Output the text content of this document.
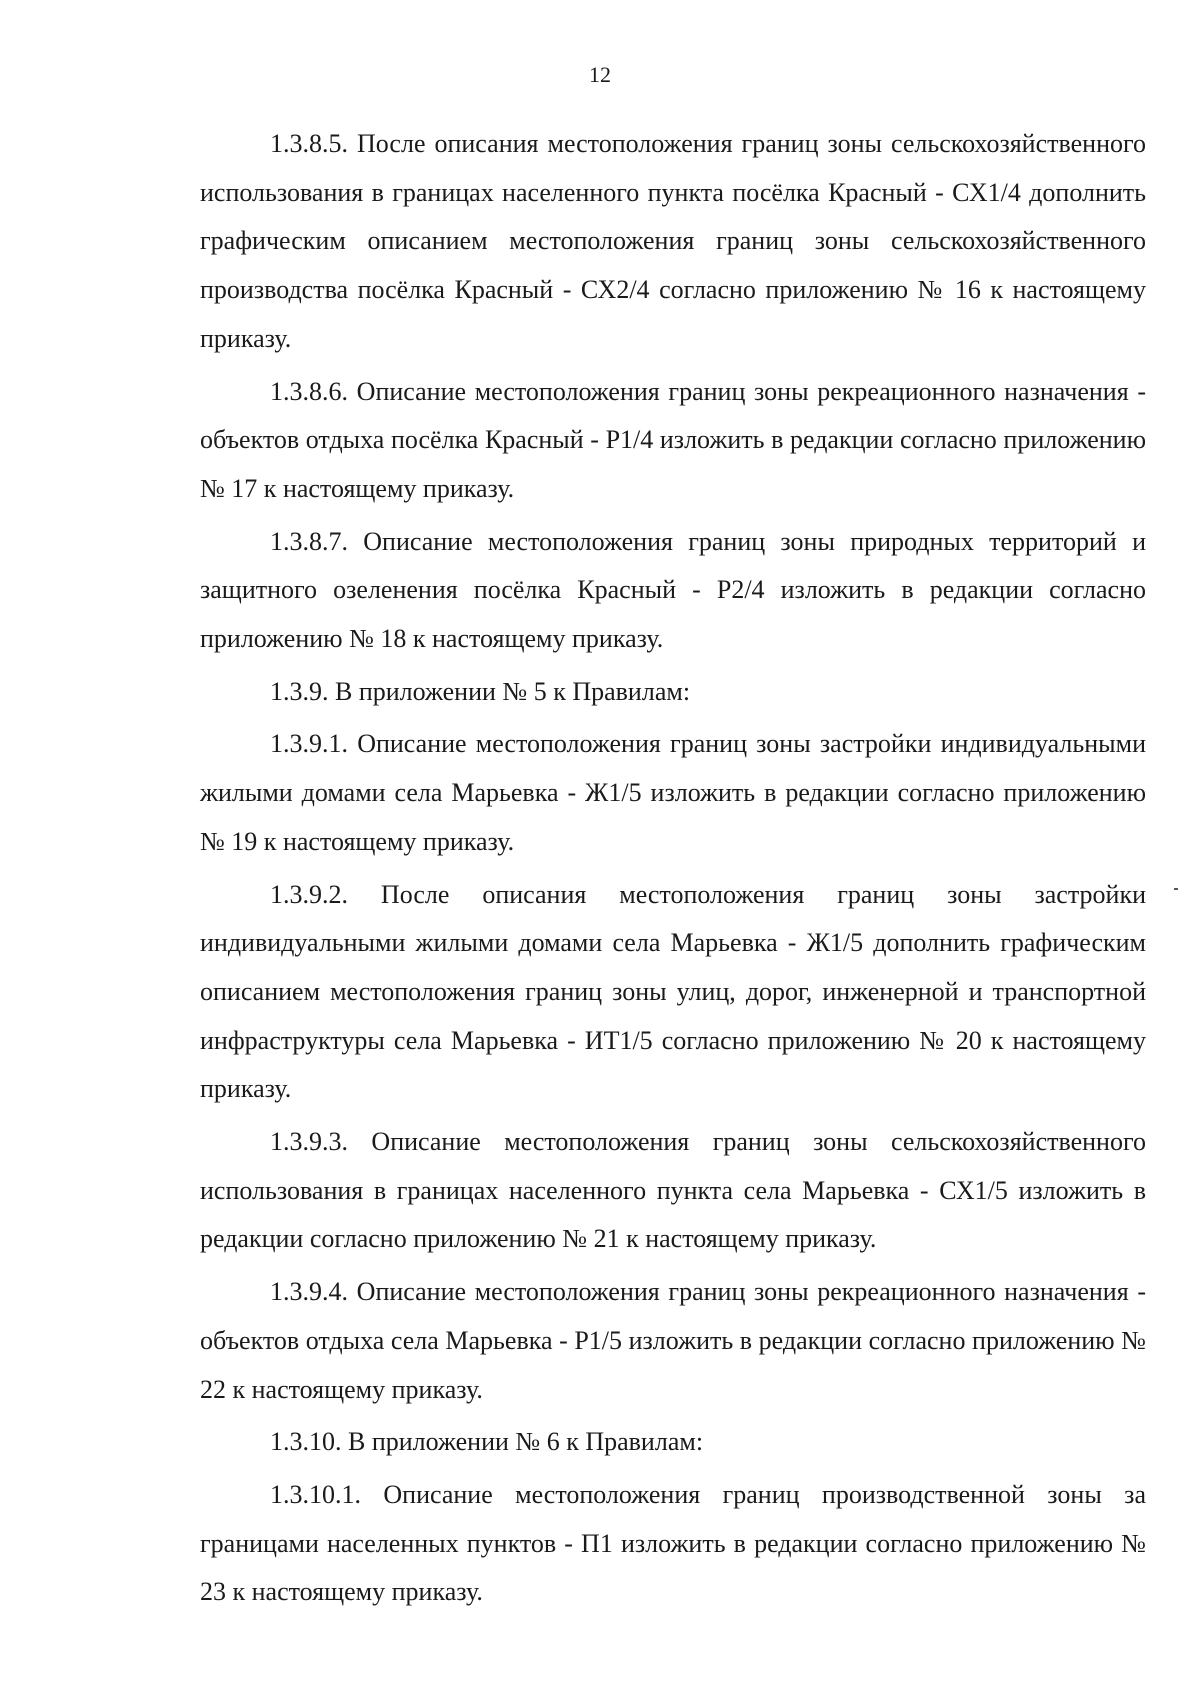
12

1.3.8.5. После описания местоположения границ зоны сельскохозяйственного использования в границах населенного пункта посёлка Красный - СХ1/4 дополнить графическим описанием местоположения границ зоны сельскохозяйственного производства посёлка Красный - СХ2/4 согласно приложению № 16 к настоящему приказу.

1.3.8.6. Описание местоположения границ зоны рекреационного назначения - объектов отдыха посёлка Красный - Р1/4 изложить в редакции согласно приложению № 17 к настоящему приказу.

1.3.8.7. Описание местоположения границ зоны природных территорий и защитного озеленения посёлка Красный - Р2/4 изложить в редакции согласно приложению № 18 к настоящему приказу.

1.3.9. В приложении № 5 к Правилам:

1.3.9.1. Описание местоположения границ зоны застройки индивидуальными жилыми домами села Марьевка - Ж1/5 изложить в редакции согласно приложению № 19 к настоящему приказу.

1.3.9.2. После описания местоположения границ зоны застройки индивидуальными жилыми домами села Марьевка - Ж1/5 дополнить графическим описанием местоположения границ зоны улиц, дорог, инженерной и транспортной инфраструктуры села Марьевка - ИТ1/5 согласно приложению № 20 к настоящему приказу.

1.3.9.3. Описание местоположения границ зоны сельскохозяйственного использования в границах населенного пункта села Марьевка - СХ1/5 изложить в редакции согласно приложению № 21 к настоящему приказу.

1.3.9.4. Описание местоположения границ зоны рекреационного назначения - объектов отдыха села Марьевка - Р1/5 изложить в редакции согласно приложению № 22 к настоящему приказу.

1.3.10. В приложении № 6 к Правилам:

1.3.10.1. Описание местоположения границ производственной зоны за границами населенных пунктов - П1 изложить в редакции согласно приложению № 23 к настоящему приказу.
